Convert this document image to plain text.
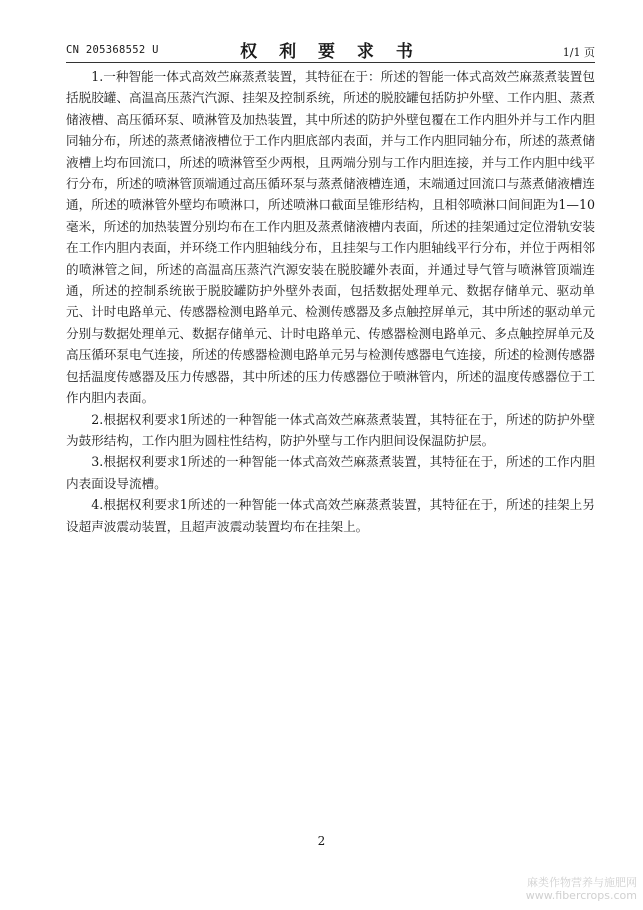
CN 205368552 U	权 利 要 求 书	1/1 页

1.一种智能一体式高效苎麻蒸煮装置，其特征在于：所述的智能一体式高效苎麻蒸煮装置包括脱胶罐、高温高压蒸汽汽源、挂架及控制系统，所述的脱胶罐包括防护外壁、工作内胆、蒸煮储液槽、高压循环泵、喷淋管及加热装置，其中所述的防护外壁包覆在工作内胆外并与工作内胆同轴分布，所述的蒸煮储液槽位于工作内胆底部内表面，并与工作内胆同轴分布，所述的蒸煮储液槽上均布回流口，所述的喷淋管至少两根，且两端分别与工作内胆连接，并与工作内胆中线平行分布，所述的喷淋管顶端通过高压循环泵与蒸煮储液槽连通，末端通过回流口与蒸煮储液槽连通，所述的喷淋管外壁均布喷淋口，所述喷淋口截面呈锥形结构，且相邻喷淋口间间距为1—10毫米，所述的加热装置分别均布在工作内胆及蒸煮储液槽内表面，所述的挂架通过定位滑轨安装在工作内胆内表面，并环绕工作内胆轴线分布，且挂架与工作内胆轴线平行分布，并位于两相邻的喷淋管之间，所述的高温高压蒸汽汽源安装在脱胶罐外表面，并通过导气管与喷淋管顶端连通，所述的控制系统嵌于脱胶罐防护外壁外表面，包括数据处理单元、数据存储单元、驱动单元、计时电路单元、传感器检测电路单元、检测传感器及多点触控屏单元，其中所述的驱动单元分别与数据处理单元、数据存储单元、计时电路单元、传感器检测电路单元、多点触控屏单元及高压循环泵电气连接，所述的传感器检测电路单元另与检测传感器电气连接，所述的检测传感器包括温度传感器及压力传感器，其中所述的压力传感器位于喷淋管内，所述的温度传感器位于工作内胆内表面。

2.根据权利要求1所述的一种智能一体式高效苎麻蒸煮装置，其特征在于，所述的防护外壁为鼓形结构，工作内胆为圆柱性结构，防护外壁与工作内胆间设保温防护层。

3.根据权利要求1所述的一种智能一体式高效苎麻蒸煮装置，其特征在于，所述的工作内胆内表面设导流槽。

4.根据权利要求1所述的一种智能一体式高效苎麻蒸煮装置，其特征在于，所述的挂架上另设超声波震动装置，且超声波震动装置均布在挂架上。

2
麻类作物营养与施肥网
www.fibercrops.com
